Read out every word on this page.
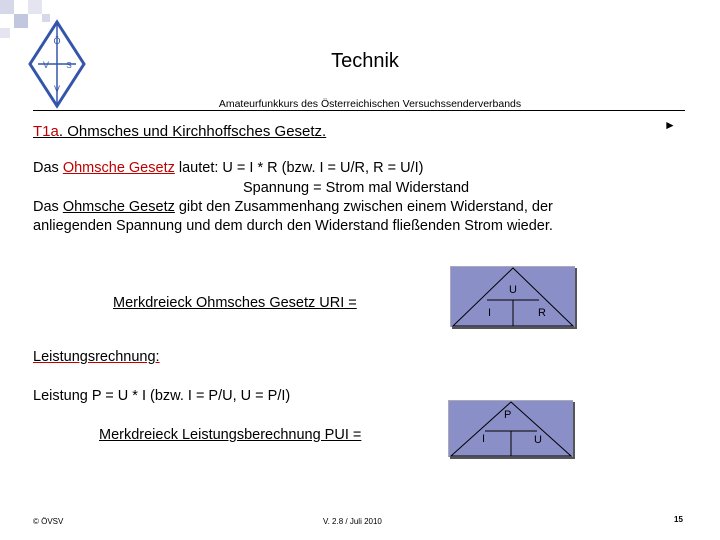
Ö
V S
V
Technik
Amateurfunkkurs des Österreichischen Versuchssenderverbands
►
T1a. Ohmsches und Kirchhoffsches Gesetz.
Das Ohmsche Gesetz lautet: U = I * R (bzw. I = U/R, R = U/I)
Spannung = Strom mal Widerstand
Das Ohmsche Gesetz gibt den Zusammenhang zwischen einem Widerstand, der
anliegenden Spannung und dem durch den Widerstand fließenden Strom wieder.
Merkdreieck Ohmsches Gesetz URI =
U
I	R
Leistungsrechnung:
Leistung P = U * I (bzw. I = P/U, U = P/I)
Merkdreieck Leistungsberechnung PUI =
P
I	U
© ÖVSV	V. 2.8 / Juli 2010	15
